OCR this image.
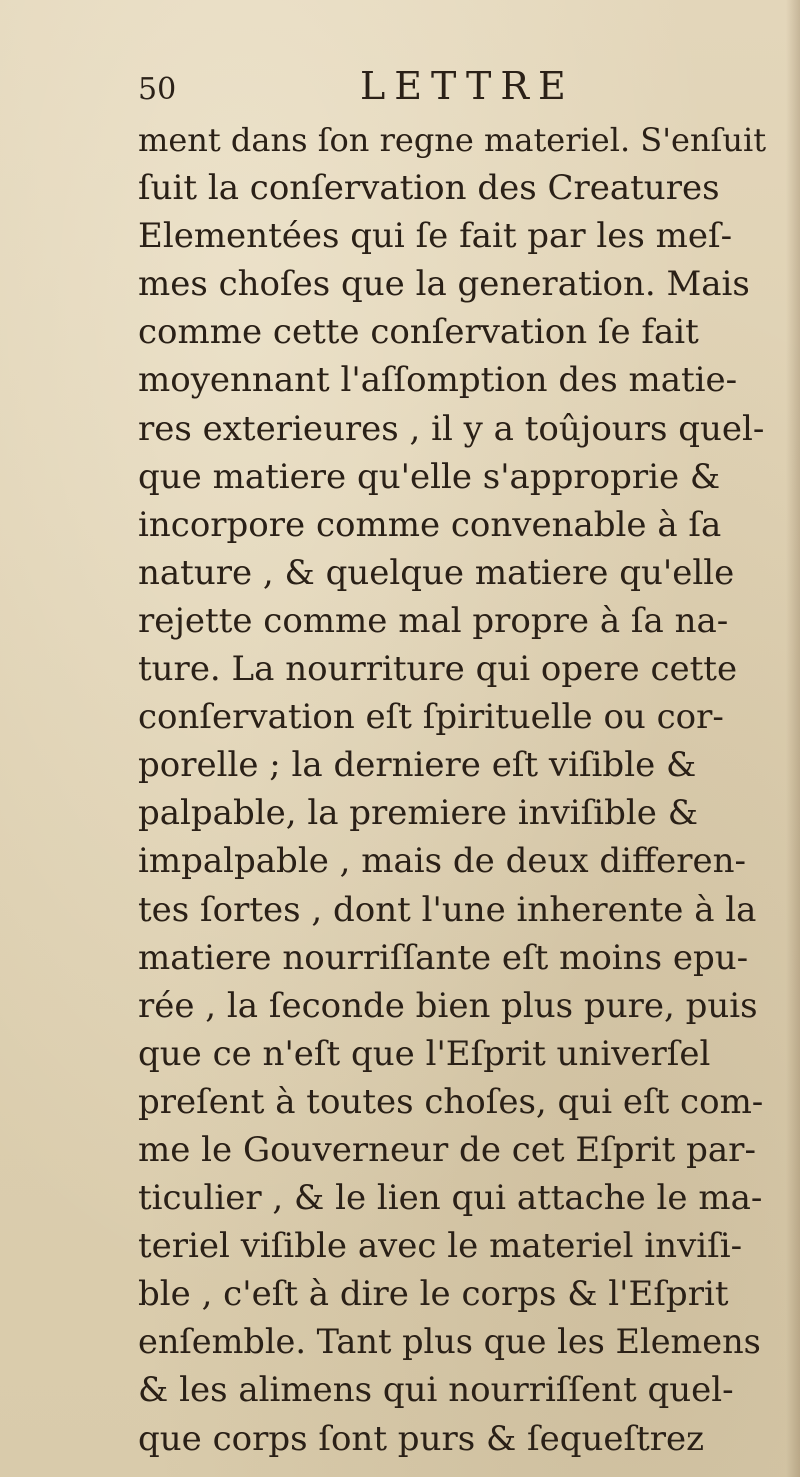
50	LETTRE
ment dans ſon regne materiel. S'enſuit
ſuit la conſervation des Creatures
Elementées qui ſe fait par les meſ-
mes choſes que la generation. Mais
comme cette conſervation ſe fait
moyennant l'aſſomption des matie-
res exterieures , il y a toûjours quel-
que matiere qu'elle s'approprie &
incorpore comme convenable à ſa
nature , & quelque matiere qu'elle
rejette comme mal propre à ſa na-
ture. La nourriture qui opere cette
conſervation eſt ſpirituelle ou cor-
porelle ; la derniere eſt viſible &
palpable, la premiere inviſible &
impalpable , mais de deux differen-
tes ſortes , dont l'une inherente à la
matiere nourriſſante eſt moins epu-
rée , la ſeconde bien plus pure, puis
que ce n'eſt que l'Eſprit univerſel
preſent à toutes choſes, qui eſt com-
me le Gouverneur de cet Eſprit par-
ticulier , & le lien qui attache le ma-
teriel viſible avec le materiel inviſi-
ble , c'eſt à dire le corps & l'Eſprit
enſemble. Tant plus que les Elemens
& les alimens qui nourriſſent quel-
que corps ſont purs & ſequeſtrez
